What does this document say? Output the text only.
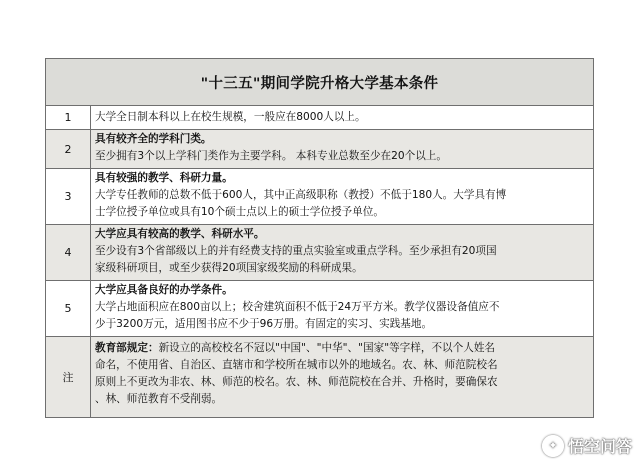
"十三五"期间学院升格大学基本条件
1	大学全日制本科以上在校生规模，一般应在8000人以上。
2
具有较齐全的学科门类。
至少拥有3个以上学科门类作为主要学科。 本科专业总数至少在20个以上。
3
具有较强的教学、科研力量。
大学专任教师的总数不低于600人，其中正高级职称（教授）不低于180人。大学具有博
士学位授予单位或具有10个硕士点以上的硕士学位授予单位。
4
大学应具有较高的教学、科研水平。
至少设有3个省部级以上的并有经费支持的重点实验室或重点学科。至少承担有20项国
家级科研项目，或至少获得20项国家级奖励的科研成果。
5
大学应具备良好的办学条件。
大学占地面积应在800亩以上；校舍建筑面积不低于24万平方米。教学仪器设备值应不
少于3200万元，适用图书应不少于96万册。有固定的实习、实践基地。
注
教育部规定：新设立的高校校名不冠以"中国"、"中华"、"国家"等字样，不以个人姓名
命名，不使用省、自治区、直辖市和学校所在城市以外的地域名。农、林、师范院校名
原则上不更改为非农、林、师范的校名。农、林、师范院校在合并、升格时，要确保农
、林、师范教育不受削弱。
✦ 悟空问答
